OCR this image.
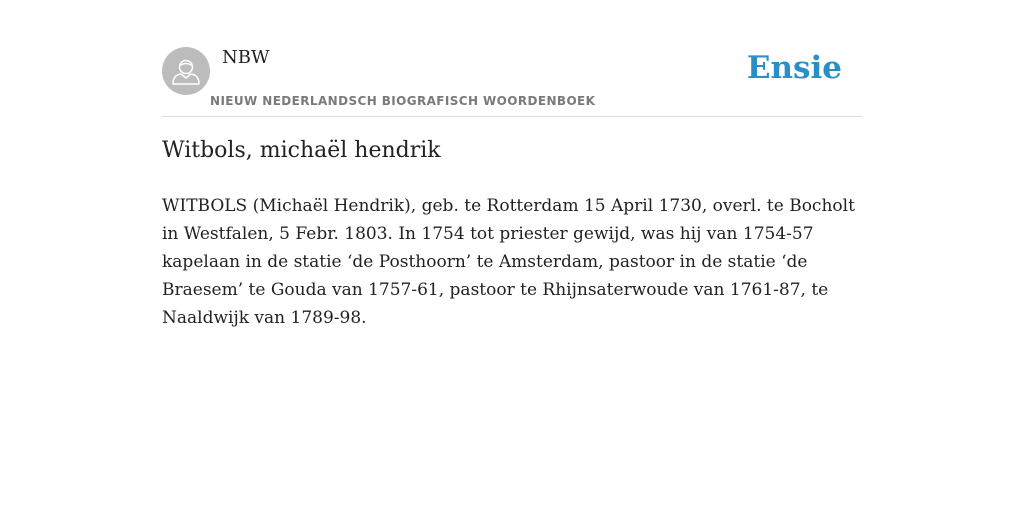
NBW
NIEUW NEDERLANDSCH BIOGRAFISCH WOORDENBOEK
Ensie
Witbols, michaël hendrik

WITBOLS (Michaël Hendrik), geb. te Rotterdam 15 April 1730, overl. te Bocholt in Westfalen, 5 Febr. 1803. In 1754 tot priester gewijd, was hij van 1754-57 kapelaan in de statie ‘de Posthoorn’ te Amsterdam, pastoor in de statie ‘de Braesem’ te Gouda van 1757-61, pastoor te Rhijnsaterwoude van 1761-87, te Naaldwijk van 1789-98.
